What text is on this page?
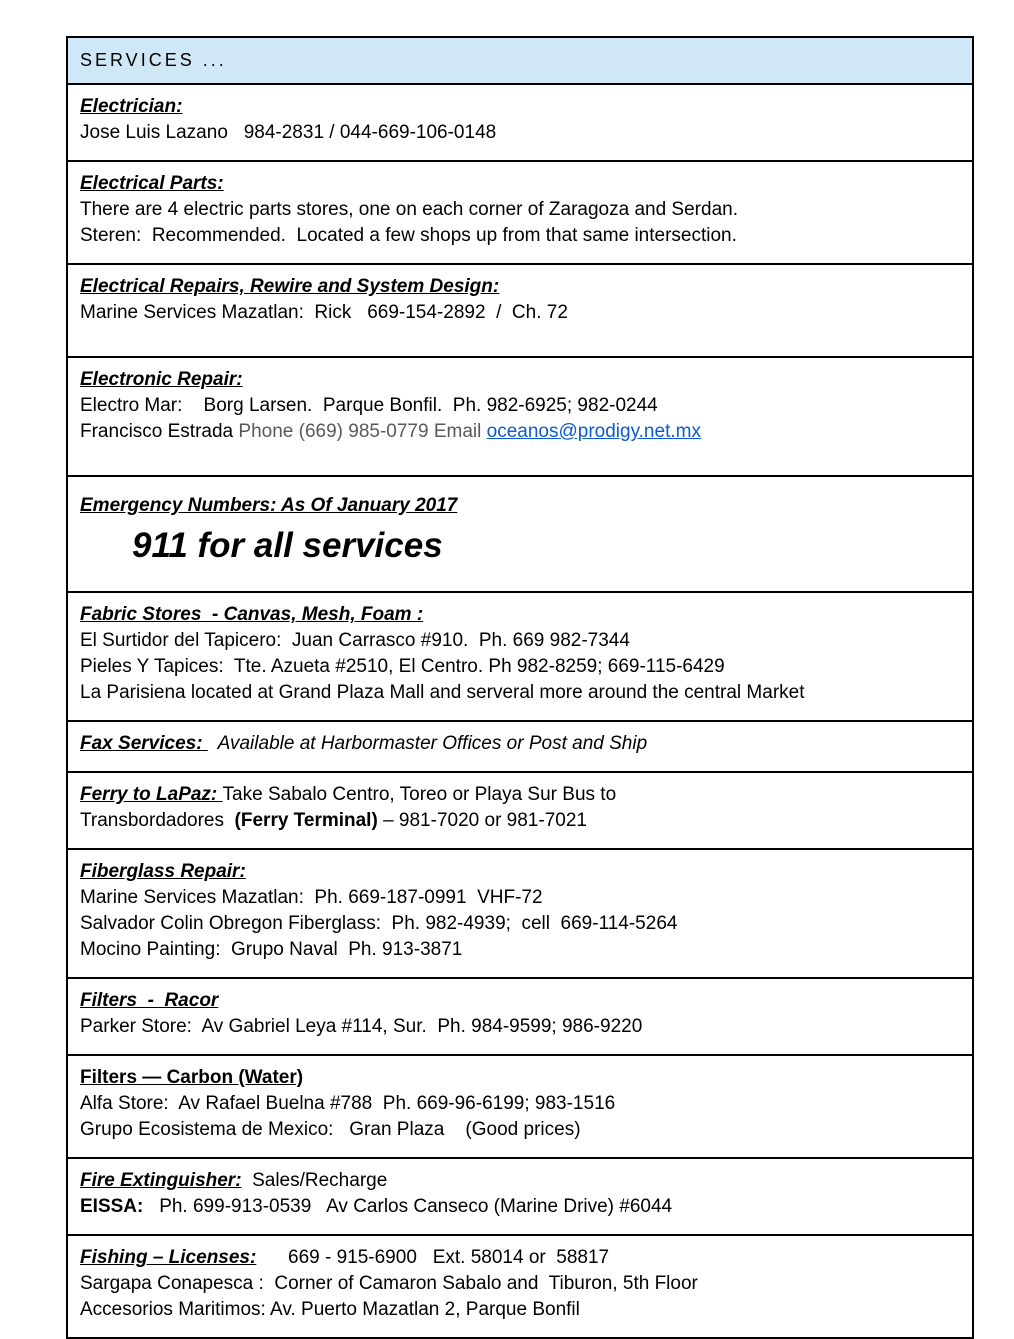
SERVICES ...
Electrician:
Jose Luis Lazano   984-2831 / 044-669-106-0148
Electrical Parts:
There are 4 electric parts stores, one on each corner of Zaragoza and Serdan.
Steren:  Recommended.  Located a few shops up from that same intersection.
Electrical Repairs, Rewire and System Design:
Marine Services Mazatlan:  Rick   669-154-2892  /  Ch. 72
Electronic Repair:
Electro Mar:    Borg Larsen.  Parque Bonfil.  Ph. 982-6925; 982-0244
Francisco Estrada Phone (669) 985-0779 Email oceanos@prodigy.net.mx
Emergency Numbers: As Of January 2017
911 for all services
Fabric Stores  - Canvas, Mesh, Foam :
El Surtidor del Tapicero:  Juan Carrasco #910.  Ph. 669 982-7344
Pieles Y Tapices:  Tte. Azueta #2510, El Centro. Ph 982-8259; 669-115-6429
La Parisiena located at Grand Plaza Mall and serveral more around the central Market
Fax Services:   Available at Harbormaster Offices or Post and Ship
Ferry to LaPaz: Take Sabalo Centro, Toreo or Playa Sur Bus to
Transbordadores  (Ferry Terminal) – 981-7020 or 981-7021
Fiberglass Repair:
Marine Services Mazatlan:  Ph. 669-187-0991  VHF-72
Salvador Colin Obregon Fiberglass:  Ph. 982-4939;  cell  669-114-5264
Mocino Painting:  Grupo Naval  Ph. 913-3871
Filters  -  Racor
Parker Store:  Av Gabriel Leya #114, Sur.  Ph. 984-9599; 986-9220
Filters — Carbon (Water)
Alfa Store:  Av Rafael Buelna #788  Ph. 669-96-6199; 983-1516
Grupo Ecosistema de Mexico:   Gran Plaza    (Good prices)
Fire Extinguisher:  Sales/Recharge
EISSA:   Ph. 699-913-0539   Av Carlos Canseco (Marine Drive) #6044
Fishing – Licenses:      669 - 915-6900   Ext. 58014 or  58817
Sargapa Conapesca :  Corner of Camaron Sabalo and  Tiburon, 5th Floor
Accesorios Maritimos: Av. Puerto Mazatlan 2, Parque Bonfil
